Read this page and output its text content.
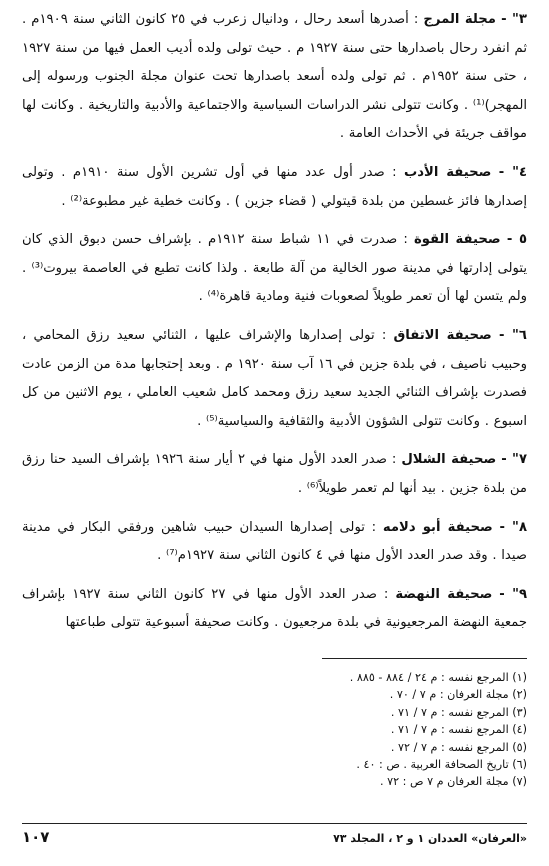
٣" - مجلة المرج : أصدرها أسعد رحال ، ودانيال زعرب في ٢٥ كانون الثاني سنة ١٩٠٩م . ثم انفرد رحال باصدارها حتى سنة ١٩٢٧ م . حيث تولى ولده أديب العمل فيها من سنة ١٩٢٧ ، حتى سنة ١٩٥٢م . ثم تولى ولده أسعد باصدارها تحت عنوان مجلة الجنوب ورسوله إلى المهجر)⁽¹⁾ . وكانت تتولى نشر الدراسات السياسية والاجتماعية والأدبية والتاريخية . وكانت لها مواقف جريئة في الأحداث العامة .

٤" - صحيفة الأدب : صدر أول عدد منها في أول تشرين الأول سنة ١٩١٠م . وتولى إصدارها فائز غسطين من بلدة قيتولي ( قضاء جزين ) . وكانت خطية غير مطبوعة⁽²⁾ .

٥ - صحيفة القوة : صدرت في ١١ شباط سنة ١٩١٢م . بإشراف حسن دبوق الذي كان يتولى إدارتها في مدينة صور الخالية من آلة طابعة . ولذا كانت تطبع في العاصمة بيروت⁽³⁾ . ولم يتسن لها أن تعمر طويلاً لصعوبات فنية ومادية قاهرة⁽⁴⁾ .

٦" - صحيفة الاتفاق : تولى إصدارها والإشراف عليها ، الثنائي سعيد رزق المحامي ، وحبيب ناصيف ، في بلدة جزين في ١٦ آب سنة ١٩٢٠ م . وبعد إحتجابها مدة من الزمن عادت فصدرت بإشراف الثنائي الجديد سعيد رزق ومحمد كامل شعيب العاملي ، يوم الاثنين من كل اسبوع . وكانت تتولى الشؤون الأدبية والثقافية والسياسية⁽⁵⁾ .

٧" - صحيفة الشلال : صدر العدد الأول منها في ٢ أيار سنة ١٩٢٦ بإشراف السيد حنا رزق من بلدة جزين . بيد أنها لم تعمر طويلاً⁽⁶⁾ .

٨" - صحيفة أبو دلامه : تولى إصدارها السيدان حبيب شاهين ورفقي البكار في مدينة صيدا . وقد صدر العدد الأول منها في ٤ كانون الثاني سنة ١٩٢٧م⁽⁷⁾ .

٩" - صحيفة النهضة : صدر العدد الأول منها في ٢٧ كانون الثاني سنة ١٩٢٧ بإشراف جمعية النهضة المرجعيونية في بلدة مرجعيون . وكانت صحيفة أسبوعية تتولى طباعتها

(١) المرجع نفسه : م ٢٤ / ٨٨٤ - ٨٨٥ .

(٢) مجلة العرفان : م ٧ / ٧٠ .

(٣) المرجع نفسه : م ٧ / ٧١ .

(٤) المرجع نفسه : م ٧ / ٧١ .

(٥) المرجع نفسه : م ٧ / ٧٢ .

(٦) تاريخ الصحافة العربية . ص : ٤٠ .

(٧) مجلة العرفان م ٧ ص : ٧٢ .

«العرفان» العددان ١ و ٢ ، المجلد ٧٣
١٠٧
